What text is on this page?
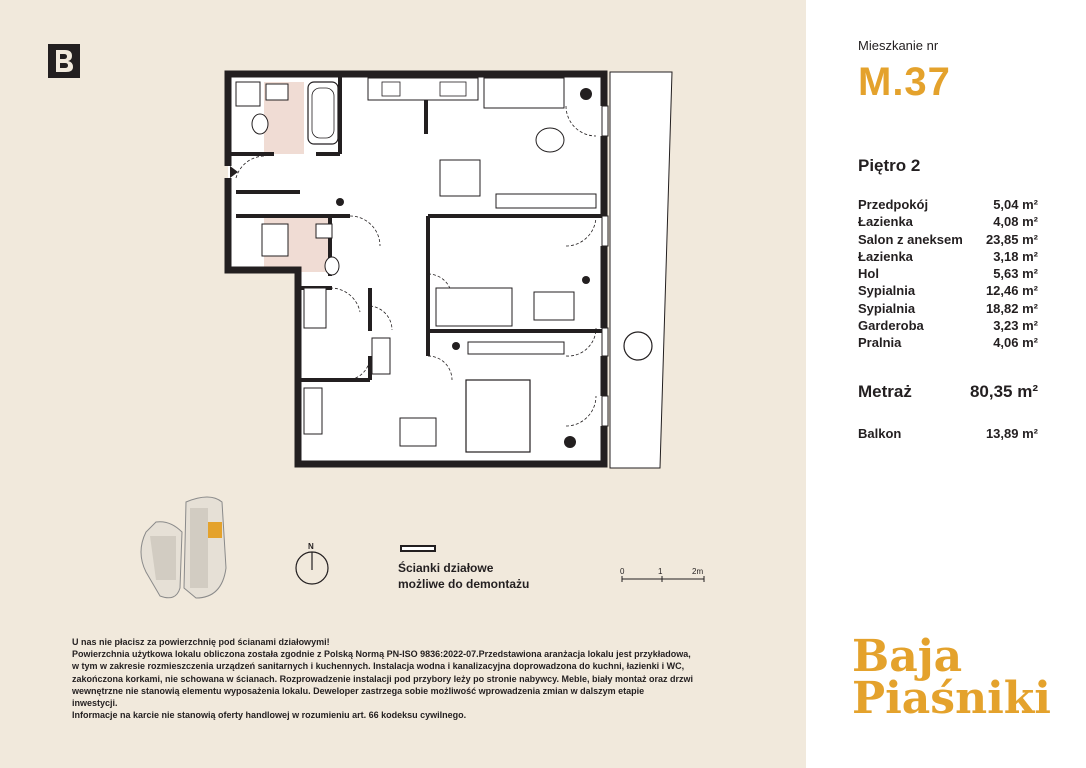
N
Ścianki działowe
możliwe do demontażu
0	1	2m

U nas nie płacisz za powierzchnię pod ścianami działowymi!

Powierzchnia użytkowa lokalu obliczona została zgodnie z Polską Normą PN-ISO 9836:2022-07.Przedstawiona aranżacja lokalu jest przykładowa,

w tym w zakresie rozmieszczenia urządzeń sanitarnych i kuchennych. Instalacja wodna i kanalizacyjna doprowadzona do kuchni, łazienki i WC,

zakończona korkami, nie schowana w ścianach. Rozprowadzenie instalacji pod przybory leży po stronie nabywcy. Meble, biały montaż oraz drzwi

wewnętrzne nie stanowią elementu wyposażenia lokalu. Deweloper zastrzega sobie możliwość wprowadzenia zmian w dalszym etapie

inwestycji.

Informacje na karcie nie stanowią oferty handlowej w rozumieniu art. 66 kodeksu cywilnego.

Mieszkanie nr
M.37
Piętro 2
Przedpokój	5,04 m²
Łazienka	4,08 m²
Salon z aneksem 23,85 m²
Łazienka	3,18 m²
Hol	5,63 m²
Sypialnia	12,46 m²
Sypialnia	18,82 m²
Garderoba	3,23 m²
Pralnia	4,06 m²
Metraż	80,35 m²
Balkon	13,89 m²
Baja
Piaśniki
